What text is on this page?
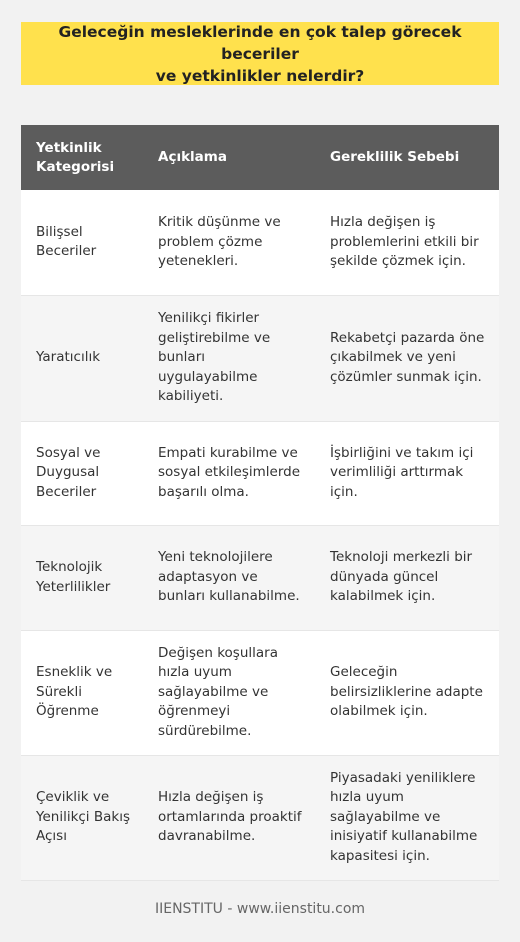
Geleceğin mesleklerinde en çok talep görecek beceriler
ve yetkinlikler nelerdir?
Yetkinlik Kategorisi	Açıklama	Gereklilik Sebebi
Bilişsel Beceriler	Kritik düşünme ve problem çözme yetenekleri.	Hızla değişen iş problemlerini etkili bir şekilde çözmek için.
Yaratıcılık	Yenilikçi fikirler geliştirebilme ve bunları uygulayabilme kabiliyeti.	Rekabetçi pazarda öne çıkabilmek ve yeni çözümler sunmak için.
Sosyal ve Duygusal Beceriler	Empati kurabilme ve sosyal etkileşimlerde başarılı olma.	İşbirliğini ve takım içi verimliliği arttırmak için.
Teknolojik Yeterlilikler	Yeni teknolojilere adaptasyon ve bunları kullanabilme.	Teknoloji merkezli bir dünyada güncel kalabilmek için.
Esneklik ve Sürekli Öğrenme	Değişen koşullara hızla uyum sağlayabilme ve öğrenmeyi sürdürebilme.	Geleceğin belirsizliklerine adapte olabilmek için.
Çeviklik ve Yenilikçi Bakış Açısı	Hızla değişen iş ortamlarında proaktif davranabilme.	Piyasadaki yeniliklere hızla uyum sağlayabilme ve inisiyatif kullanabilme kapasitesi için.
IIENSTITU - www.iienstitu.com
